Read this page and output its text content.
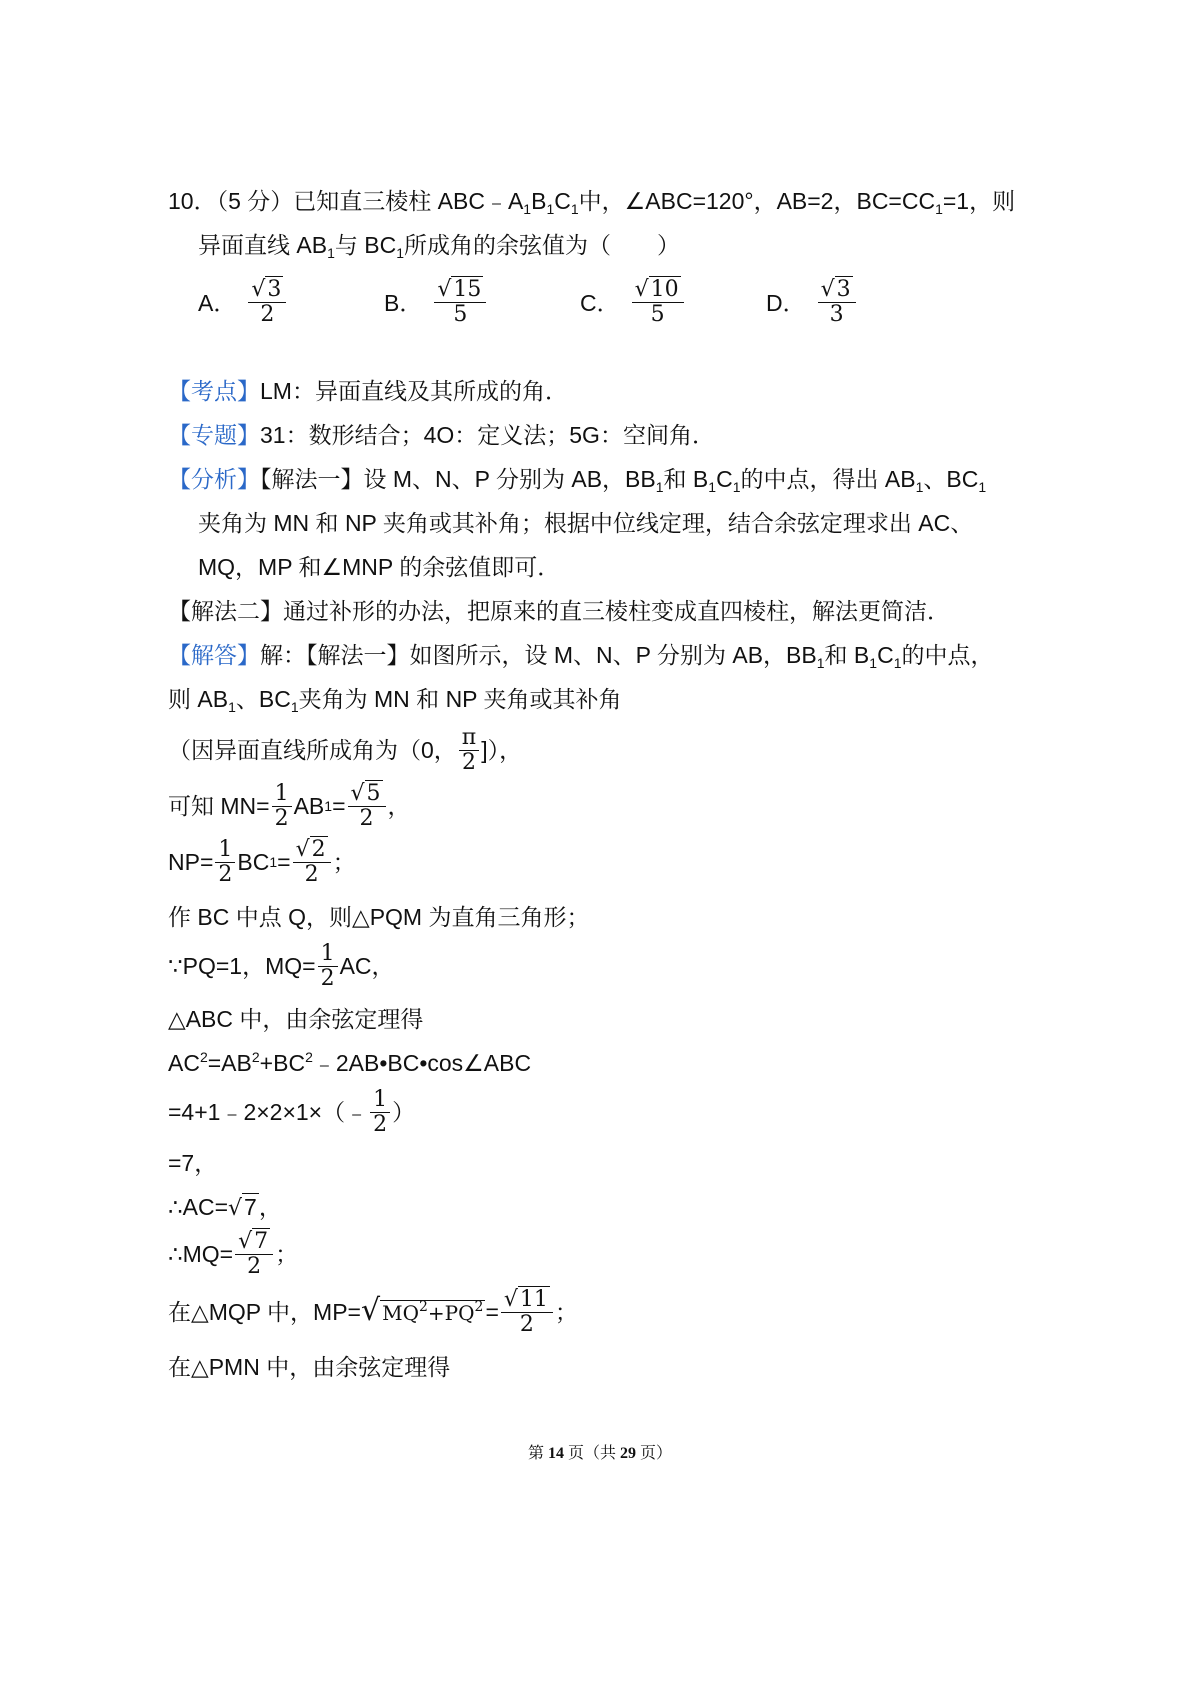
10．（5 分）已知直三棱柱 $ABC﹣A_1B_1C_1$中，∠ABC=120°，AB=2，$BC=CC_1=1$，则
异面直线 $AB_1$与 $BC_1$所成角的余弦值为（　　）
A． $\frac{√3}{2}$	B． $\frac{√15}{5}$	C． $\frac{√10}{5}$	D． $\frac{√3}{3}$
【考点】LM：异面直线及其所成的角．
【专题】31：数形结合；4O：定义法；5G：空间角．
【分析】【解法一】设 M、N、P 分别为 AB，$BB_1$和 $B_1C_1$的中点，得出 $AB_1$、$BC_1$
夹角为 MN 和 NP 夹角或其补角；根据中位线定理，结合余弦定理求出 AC、
MQ，MP 和∠MNP 的余弦值即可．
【解法二】通过补形的办法，把原来的直三棱柱变成直四棱柱，解法更简洁．
【解答】解：【解法一】如图所示，设 M、N、P 分别为 AB，$BB_1$和 $B_1C_1$的中点，
则 $AB_1$、$BC_1$夹角为 MN 和 NP 夹角或其补角
（因异面直线所成角为（0， $\frac{\pi}{2}$ ]），
可知 $MN= \frac{1}{2}$ AB $1 = \frac{√5}{2}$ ，
$NP= \frac{1}{2}$ BC $1 = \frac{√2}{2}$ ；
作 BC 中点 Q，则△PQM 为直角三角形；
∵PQ=1，$MQ= \frac{1}{2}$ AC，
△ABC 中，由余弦定理得
$AC^2=AB^2+BC^2﹣2AB•BC•\cos\angle ABC$
=4+1﹣2×2×1×（﹣ $\frac{1}{2}$ ）
=7，
∴AC=√7，
∴MQ= $\frac{√7}{2}$ ；
在△MQP 中，MP= √ $MQ^2+PQ^2 = \frac{√11}{2}$ ；
在△PMN 中，由余弦定理得
第 14 页（共 29 页）
